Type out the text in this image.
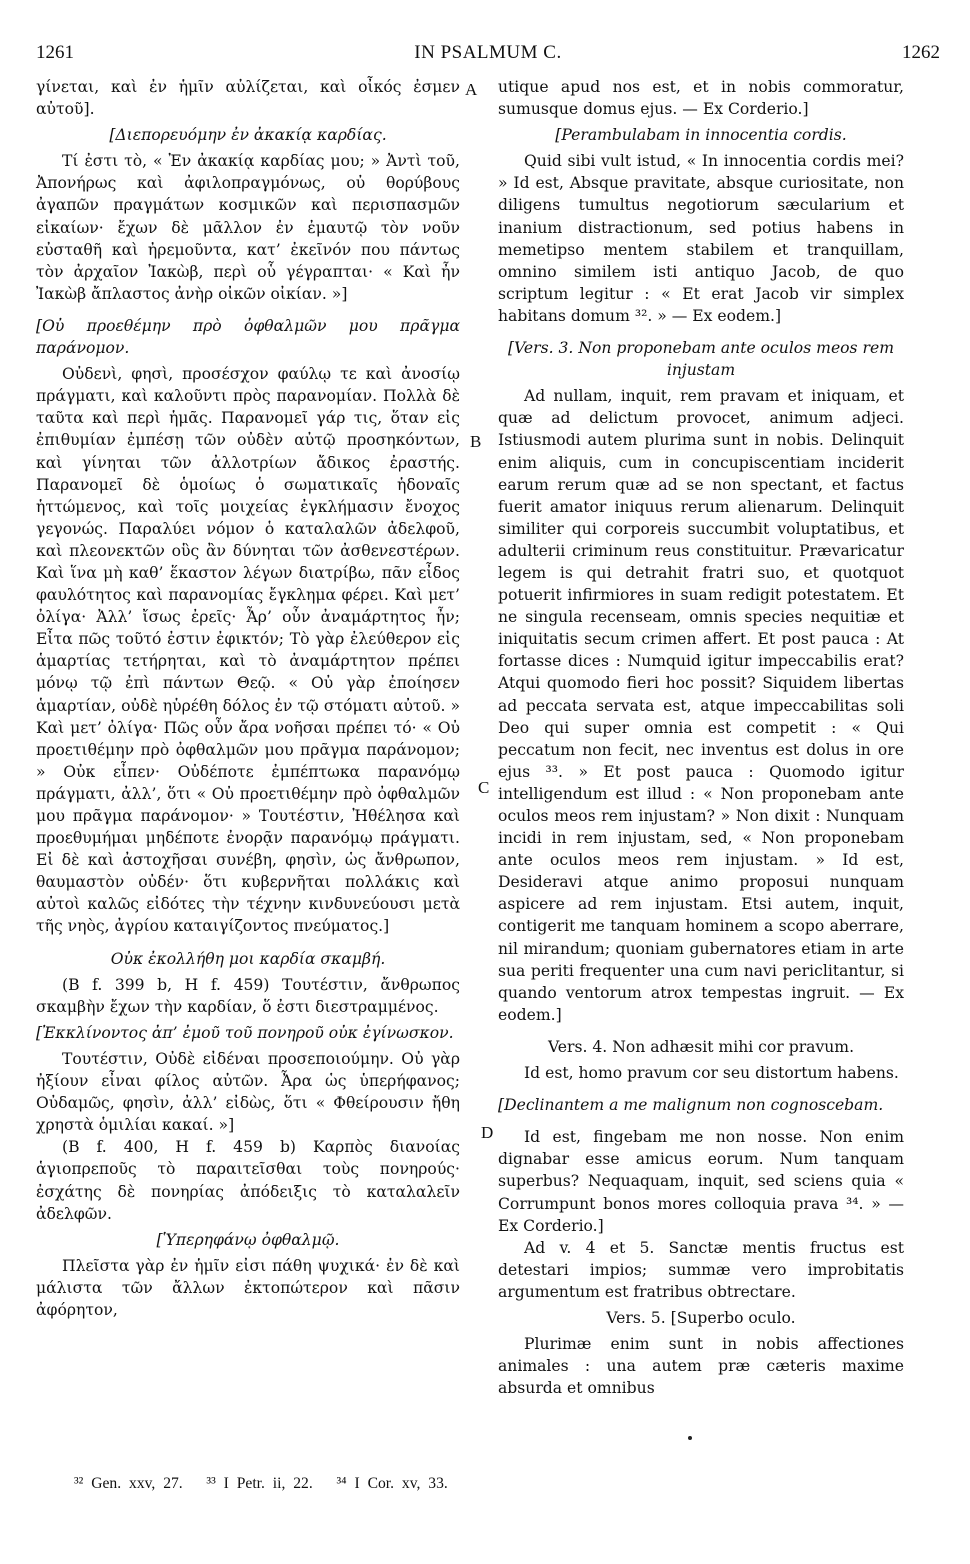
1261	IN PSALMUM C.	1262
A
B
C
D

γίνεται, καὶ ἐν ἡμῖν αὐλίζεται, καὶ οἶκός ἐσμεν αὐτοῦ].

[Διεπορευόμην ἐν ἀκακίᾳ καρδίας.

Τί ἐστι τὸ, « Ἐν ἀκακίᾳ καρδίας μου; » Ἀντὶ τοῦ, Ἀπονήρως καὶ ἀφιλοπραγμόνως, οὐ θορύβους ἀγαπῶν πραγμάτων κοσμικῶν καὶ περισπασμῶν εἰκαίων· ἔχων δὲ μᾶλλον ἐν ἐμαυτῷ τὸν νοῦν εὐσταθῆ καὶ ἠρεμοῦντα, κατ’ ἐκεῖνόν που πάντως τὸν ἀρχαῖον Ἰακὼβ, περὶ οὗ γέγραπται· « Καὶ ἦν Ἰακὼβ ἄπλαστος ἀνὴρ οἰκῶν οἰκίαν. »]

[Οὐ προεθέμην πρὸ ὀφθαλμῶν μου πρᾶγμα παράνομον.

Οὐδενὶ, φησὶ, προσέσχον φαύλῳ τε καὶ ἀνοσίῳ πράγματι, καὶ καλοῦντι πρὸς παρανομίαν. Πολλὰ δὲ ταῦτα καὶ περὶ ἡμᾶς. Παρανομεῖ γάρ τις, ὅταν εἰς ἐπιθυμίαν ἐμπέσῃ τῶν οὐδὲν αὐτῷ προσηκόντων, καὶ γίνηται τῶν ἀλλοτρίων ἄδικος ἐραστής. Παρανομεῖ δὲ ὁμοίως ὁ σωματικαῖς ἡδοναῖς ἡττώμενος, καὶ τοῖς μοιχείας ἐγκλήμασιν ἔνοχος γεγονώς. Παραλύει νόμον ὁ καταλαλῶν ἀδελφοῦ, καὶ πλεονεκτῶν οὓς ἂν δύνηται τῶν ἀσθενεστέρων. Καὶ ἵνα μὴ καθ’ ἕκαστον λέγων διατρίβω, πᾶν εἶδος φαυλότητος καὶ παρανομίας ἔγκλημα φέρει. Καὶ μετ’ ὀλίγα· Ἀλλ’ ἴσως ἐρεῖς· Ἆρ’ οὖν ἀναμάρτητος ἦν; Εἶτα πῶς τοῦτό ἐστιν ἐφικτόν; Τὸ γὰρ ἐλεύθερον εἰς ἁμαρτίας τετήρηται, καὶ τὸ ἀναμάρτητον πρέπει μόνῳ τῷ ἐπὶ πάντων Θεῷ. « Οὐ γὰρ ἐποίησεν ἁμαρτίαν, οὐδὲ ηὑρέθη δόλος ἐν τῷ στόματι αὐτοῦ. » Καὶ μετ’ ὀλίγα· Πῶς οὖν ἄρα νοῆσαι πρέπει τό· « Οὐ προετιθέμην πρὸ ὀφθαλμῶν μου πρᾶγμα παράνομον; » Οὐκ εἶπεν· Οὐδέποτε ἐμπέπτωκα παρανόμῳ πράγματι, ἀλλ’, ὅτι « Οὐ προετιθέμην πρὸ ὀφθαλμῶν μου πρᾶγμα παράνομον· » Τουτέστιν, Ἠθέλησα καὶ προεθυμήμαι μηδέποτε ἐνορᾷν παρανόμῳ πράγματι. Εἰ δὲ καὶ ἀστοχῆσαι συνέβη, φησὶν, ὡς ἄνθρωπον, θαυμαστὸν οὐδέν· ὅτι κυβερνῆται πολλάκις καὶ αὐτοὶ καλῶς εἰδότες τὴν τέχνην κινδυνεύουσι μετὰ τῆς νηὸς, ἀγρίου καταιγίζοντος πνεύματος.]

Οὐκ ἐκολλήθη μοι καρδία σκαμβή.

(B f. 399 b, H f. 459) Τουτέστιν, ἄνθρωπος σκαμβὴν ἔχων τὴν καρδίαν, ὅ ἐστι διεστραμμένος.

[Ἐκκλίνοντος ἀπ’ ἐμοῦ τοῦ πονηροῦ οὐκ ἐγίνωσκον.

Τουτέστιν, Οὐδὲ εἰδέναι προσεποιούμην. Οὐ γὰρ ἠξίουν εἶναι φίλος αὐτῶν. Ἆρα ὡς ὑπερήφανος; Οὐδαμῶς, φησὶν, ἀλλ’ εἰδὼς, ὅτι « Φθείρουσιν ἤθη χρηστὰ ὁμιλίαι κακαί. »]

(B f. 400, H f. 459 b) Καρπὸς διανοίας ἁγιοπρεποῦς τὸ παραιτεῖσθαι τοὺς πονηρούς· ἐσχάτης δὲ πονηρίας ἀπόδειξις τὸ καταλαλεῖν ἀδελφῶν.

[Ὑπερηφάνῳ ὀφθαλμῷ.

Πλεῖστα γὰρ ἐν ἡμῖν εἰσι πάθη ψυχικά· ἐν δὲ καὶ μάλιστα τῶν ἄλλων ἐκτοπώτερον καὶ πᾶσιν ἀφόρητον,

utique apud nos est, et in nobis commoratur, sumusque domus ejus. — Ex Corderio.]

[Perambulabam in innocentia cordis.

Quid sibi vult istud, « In innocentia cordis mei? » Id est, Absque pravitate, absque curiositate, non diligens tumultus negotiorum sæcularium et inanium distractionum, sed potius habens in memetipso mentem stabilem et tranquillam, omnino similem isti antiquo Jacob, de quo scriptum legitur : « Et erat Jacob vir simplex habitans domum ³². » — Ex eodem.]

[Vers. 3. Non proponebam ante oculos meos rem injustam

Ad nullam, inquit, rem pravam et iniquam, et quæ ad delictum provocet, animum adjeci. Istiusmodi autem plurima sunt in nobis. Delinquit enim aliquis, cum in concupiscentiam inciderit earum rerum quæ ad se non spectant, et factus fuerit amator iniquus rerum alienarum. Delinquit similiter qui corporeis succumbit voluptatibus, et adulterii criminum reus constituitur. Prævaricatur legem is qui detrahit fratri suo, et quotquot potuerit infirmiores in suam redigit potestatem. Et ne singula recenseam, omnis species nequitiæ et iniquitatis secum crimen affert. Et post pauca : At fortasse dices : Numquid igitur impeccabilis erat? Atqui quomodo fieri hoc possit? Siquidem libertas ad peccata servata est, atque impeccabilitas soli Deo qui super omnia est competit : « Qui peccatum non fecit, nec inventus est dolus in ore ejus ³³. » Et post pauca : Quomodo igitur intelligendum est illud : « Non proponebam ante oculos meos rem injustam? » Non dixit : Nunquam incidi in rem injustam, sed, « Non proponebam ante oculos meos rem injustam. » Id est, Desideravi atque animo proposui nunquam aspicere ad rem injustam. Etsi autem, inquit, contigerit me tanquam hominem a scopo aberrare, nil mirandum; quoniam gubernatores etiam in arte sua periti frequenter una cum navi periclitantur, si quando ventorum atrox tempestas ingruit. — Ex eodem.]

Vers. 4. Non adhæsit mihi cor pravum.

Id est, homo pravum cor seu distortum habens.

[Declinantem a me malignum non cognoscebam.

Id est, fingebam me non nosse. Non enim dignabar esse amicus eorum. Num tanquam superbus? Nequaquam, inquit, sed sciens quia « Corrumpunt bonos mores colloquia prava ³⁴. » — Ex Corderio.]

Ad v. 4 et 5. Sanctæ mentis fructus est detestari impios; summæ vero improbitatis argumentum est fratribus obtrectare.

Vers. 5. [Superbo oculo.

Plurimæ enim sunt in nobis affectiones animales : una autem præ cæteris maxime absurda et omnibus

³² Gen. xxv, 27. ³³ I Petr. ii, 22. ³⁴ I Cor. xv, 33.
